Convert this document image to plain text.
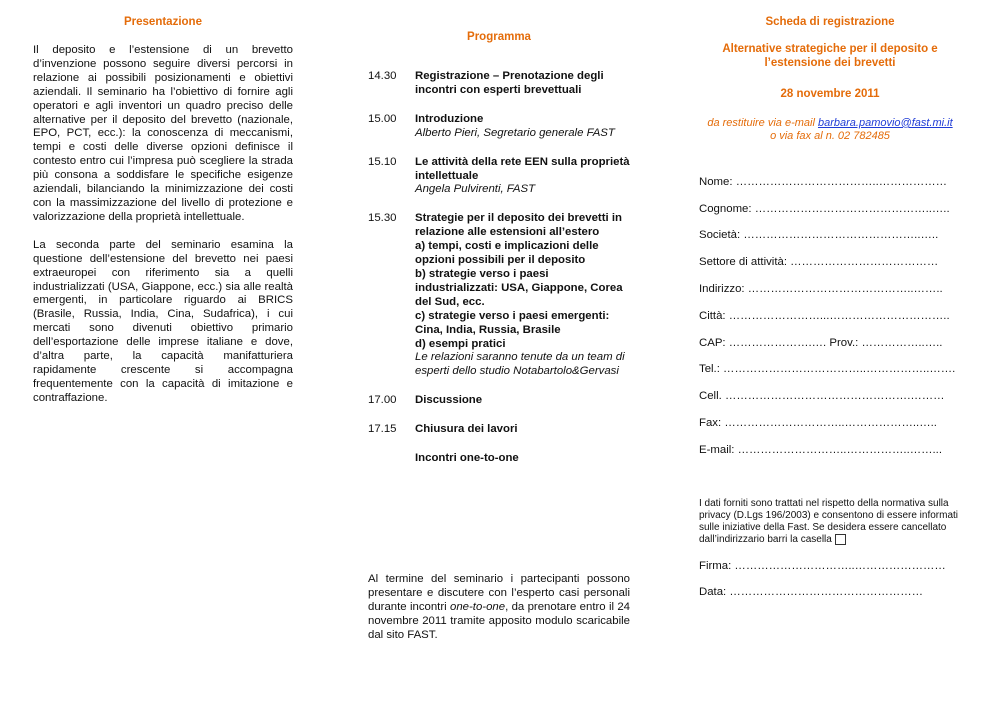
Presentazione

Il deposito e l’estensione di un brevetto d’invenzione possono seguire diversi percorsi in relazione ai possibili posizionamenti e obiettivi aziendali. Il seminario ha l’obiettivo di fornire agli operatori e agli inventori un quadro preciso delle alternative per il deposito del brevetto (nazionale, EPO, PCT, ecc.): la conoscenza di meccanismi, tempi e costi delle diverse opzioni definisce il contesto entro cui l’impresa può scegliere la strada più consona a soddisfare le specifiche esigenze aziendali, bilanciando la minimizzazione dei costi con la massimizzazione del livello di protezione e valorizzazione della proprietà intellettuale.

La seconda parte del seminario esamina la questione dell’estensione del brevetto nei paesi extraeuropei con riferimento sia a quelli industrializzati (USA, Giappone, ecc.) sia alle realtà emergenti, in particolare riguardo ai BRICS (Brasile, Russia, India, Cina, Sudafrica), i cui mercati sono divenuti obiettivo primario dell’esportazione delle imprese italiane e dove, d’altra parte, la capacità manifatturiera rapidamente crescente si accompagna frequentemente con la capacità di imitazione e contraffazione.

Programma
14.30	Registrazione – Prenotazione degli
incontri con esperti brevettuali
15.00	Introduzione
Alberto Pieri, Segretario generale FAST
15.10	Le attività della rete EEN sulla proprietà
intellettuale
Angela Pulvirenti, FAST
15.30	Strategie per il deposito dei brevetti in
relazione alle estensioni all’estero
a) tempi, costi e implicazioni delle
opzioni possibili per il deposito
b) strategie verso i paesi
industrializzati: USA, Giappone, Corea
del Sud, ecc.
c) strategie verso i paesi emergenti:
Cina, India, Russia, Brasile
d) esempi pratici
Le relazioni saranno tenute da un team di esperti dello studio Notabartolo&Gervasi
17.00	Discussione
17.15	Chiusura dei lavori
Incontri one-to-one
Al termine del seminario i partecipanti possono presentare e discutere con l’esperto casi personali durante incontri one-to-one, da prenotare entro il 24 novembre 2011 tramite apposito modulo scaricabile dal sito FAST.
Scheda di registrazione
Alternative strategiche per il deposito e l’estensione dei brevetti
28 novembre 2011
da restituire via e-mail barbara.pamovio@fast.mi.it
o via fax al n. 02 782485
Nome: ………………………………..………………
Cognome: ………………………………………..…..
Società: ………………………………………..…..
Settore di attività: …………………………………
Indirizzo: ……………………………………..……..
Città: ……………………...…………………………..
CAP: ………………….…. Prov.: ……………..…..
Tel.: ………………………………..……………..…….
Cell. ………………………………………….………
Fax: …………………………..………………..…..
E-mail: ………………………..……………..……...
I dati forniti sono trattati nel rispetto della normativa sulla privacy (D.Lgs 196/2003) e consentono di essere informati sulle iniziative della Fast. Se desidera essere cancellato dall’indirizzario barri la casella
Firma: …………………………..……………………
Data: ……………………………………………
